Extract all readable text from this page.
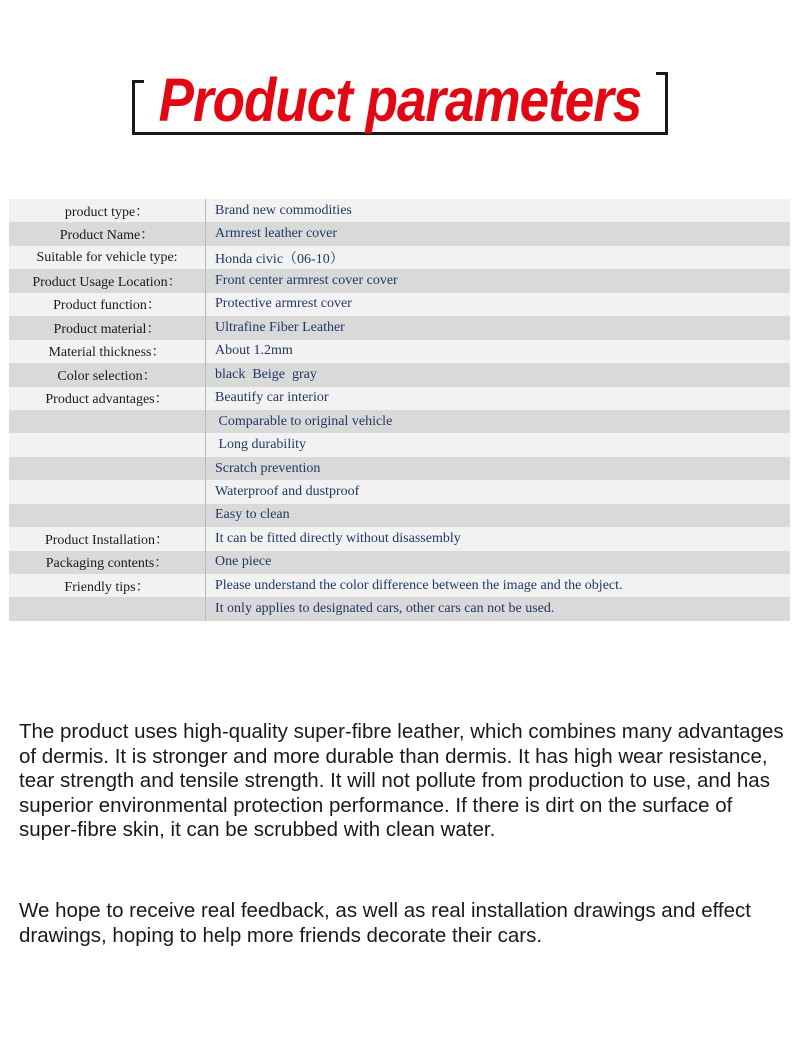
Product parameters
product type：	Brand new commodities
Product Name：	Armrest leather cover
Suitable for vehicle type:	Honda civic（06-10）
Product Usage Location：	Front center armrest cover cover
Product function：	Protective armrest cover
Product material：	Ultrafine Fiber Leather
Material thickness：	About 1.2mm
Color selection：	black  Beige  gray
Product advantages：	Beautify car interior
	Comparable to original vehicle
	Long durability
	Scratch prevention
	Waterproof and dustproof
	Easy to clean
Product Installation：	It can be fitted directly without disassembly
Packaging contents：	One piece
Friendly tips：	Please understand the color difference between the image and the object.
	It only applies to designated cars, other cars can not be used.

The product uses high-quality super-fibre leather, which combines many advantages of dermis. It is stronger and more durable than dermis. It has high wear resistance, tear strength and tensile strength. It will not pollute from production to use, and has superior environmental protection performance. If there is dirt on the surface of super-fibre skin, it can be scrubbed with clean water.

We hope to receive real feedback, as well as real installation drawings and effect drawings, hoping to help more friends decorate their cars.
